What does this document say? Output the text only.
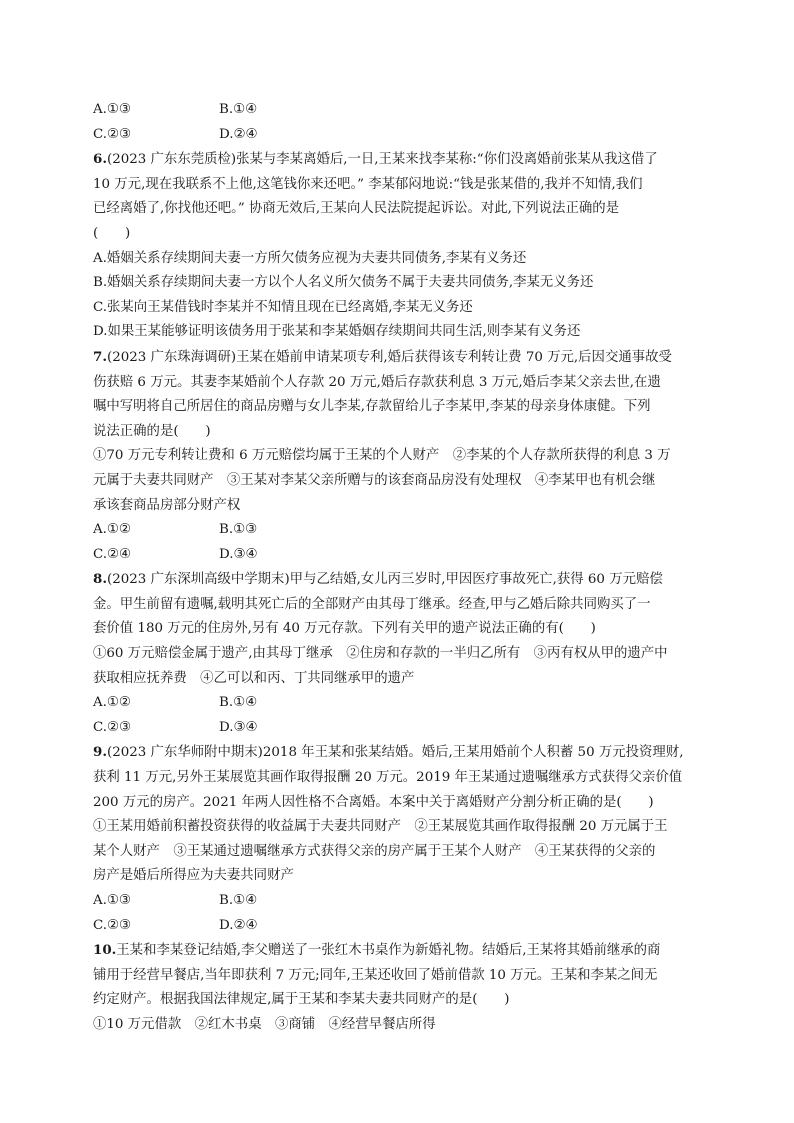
A.①③	B.①④
C.②③	D.②④
6.(2023 广东东莞质检)张某与李某离婚后,一日,王某来找李某称:“你们没离婚前张某从我这借了
10 万元,现在我联系不上他,这笔钱你来还吧。” 李某郁闷地说:“钱是张某借的,我并不知情,我们
已经离婚了,你找他还吧。” 协商无效后,王某向人民法院提起诉讼。对此,下列说法正确的是
(　　)
A.婚姻关系存续期间夫妻一方所欠债务应视为夫妻共同债务,李某有义务还
B.婚姻关系存续期间夫妻一方以个人名义所欠债务不属于夫妻共同债务,李某无义务还
C.张某向王某借钱时李某并不知情且现在已经离婚,李某无义务还
D.如果王某能够证明该债务用于张某和李某婚姻存续期间共同生活,则李某有义务还
7.(2023 广东珠海调研)王某在婚前申请某项专利,婚后获得该专利转让费 70 万元,后因交通事故受
伤获赔 6 万元。其妻李某婚前个人存款 20 万元,婚后存款获利息 3 万元,婚后李某父亲去世,在遗
嘱中写明将自己所居住的商品房赠与女儿李某,存款留给儿子李某甲,李某的母亲身体康健。下列
说法正确的是(　　)
①70 万元专利转让费和 6 万元赔偿均属于王某的个人财产　②李某的个人存款所获得的利息 3 万
元属于夫妻共同财产　③王某对李某父亲所赠与的该套商品房没有处理权　④李某甲也有机会继
承该套商品房部分财产权
A.①②	B.①③
C.②④	D.③④
8.(2023 广东深圳高级中学期末)甲与乙结婚,女儿丙三岁时,甲因医疗事故死亡,获得 60 万元赔偿
金。甲生前留有遗嘱,载明其死亡后的全部财产由其母丁继承。经查,甲与乙婚后除共同购买了一
套价值 180 万元的住房外,另有 40 万元存款。下列有关甲的遗产说法正确的有(　　)
①60 万元赔偿金属于遗产,由其母丁继承　②住房和存款的一半归乙所有　③丙有权从甲的遗产中
获取相应抚养费　④乙可以和丙、丁共同继承甲的遗产
A.①②	B.①④
C.②③	D.③④
9.(2023 广东华师附中期末)2018 年王某和张某结婚。婚后,王某用婚前个人积蓄 50 万元投资理财,
获利 11 万元,另外王某展览其画作取得报酬 20 万元。2019 年王某通过遗嘱继承方式获得父亲价值
200 万元的房产。2021 年两人因性格不合离婚。本案中关于离婚财产分割分析正确的是(　　)
①王某用婚前积蓄投资获得的收益属于夫妻共同财产　②王某展览其画作取得报酬 20 万元属于王
某个人财产　③王某通过遗嘱继承方式获得父亲的房产属于王某个人财产　④王某获得的父亲的
房产是婚后所得应为夫妻共同财产
A.①③	B.①④
C.②③	D.②④
10.王某和李某登记结婚,李父赠送了一张红木书桌作为新婚礼物。结婚后,王某将其婚前继承的商
铺用于经营早餐店,当年即获利 7 万元;同年,王某还收回了婚前借款 10 万元。王某和李某之间无
约定财产。根据我国法律规定,属于王某和李某夫妻共同财产的是(　　)
①10 万元借款　②红木书桌　③商铺　④经营早餐店所得
